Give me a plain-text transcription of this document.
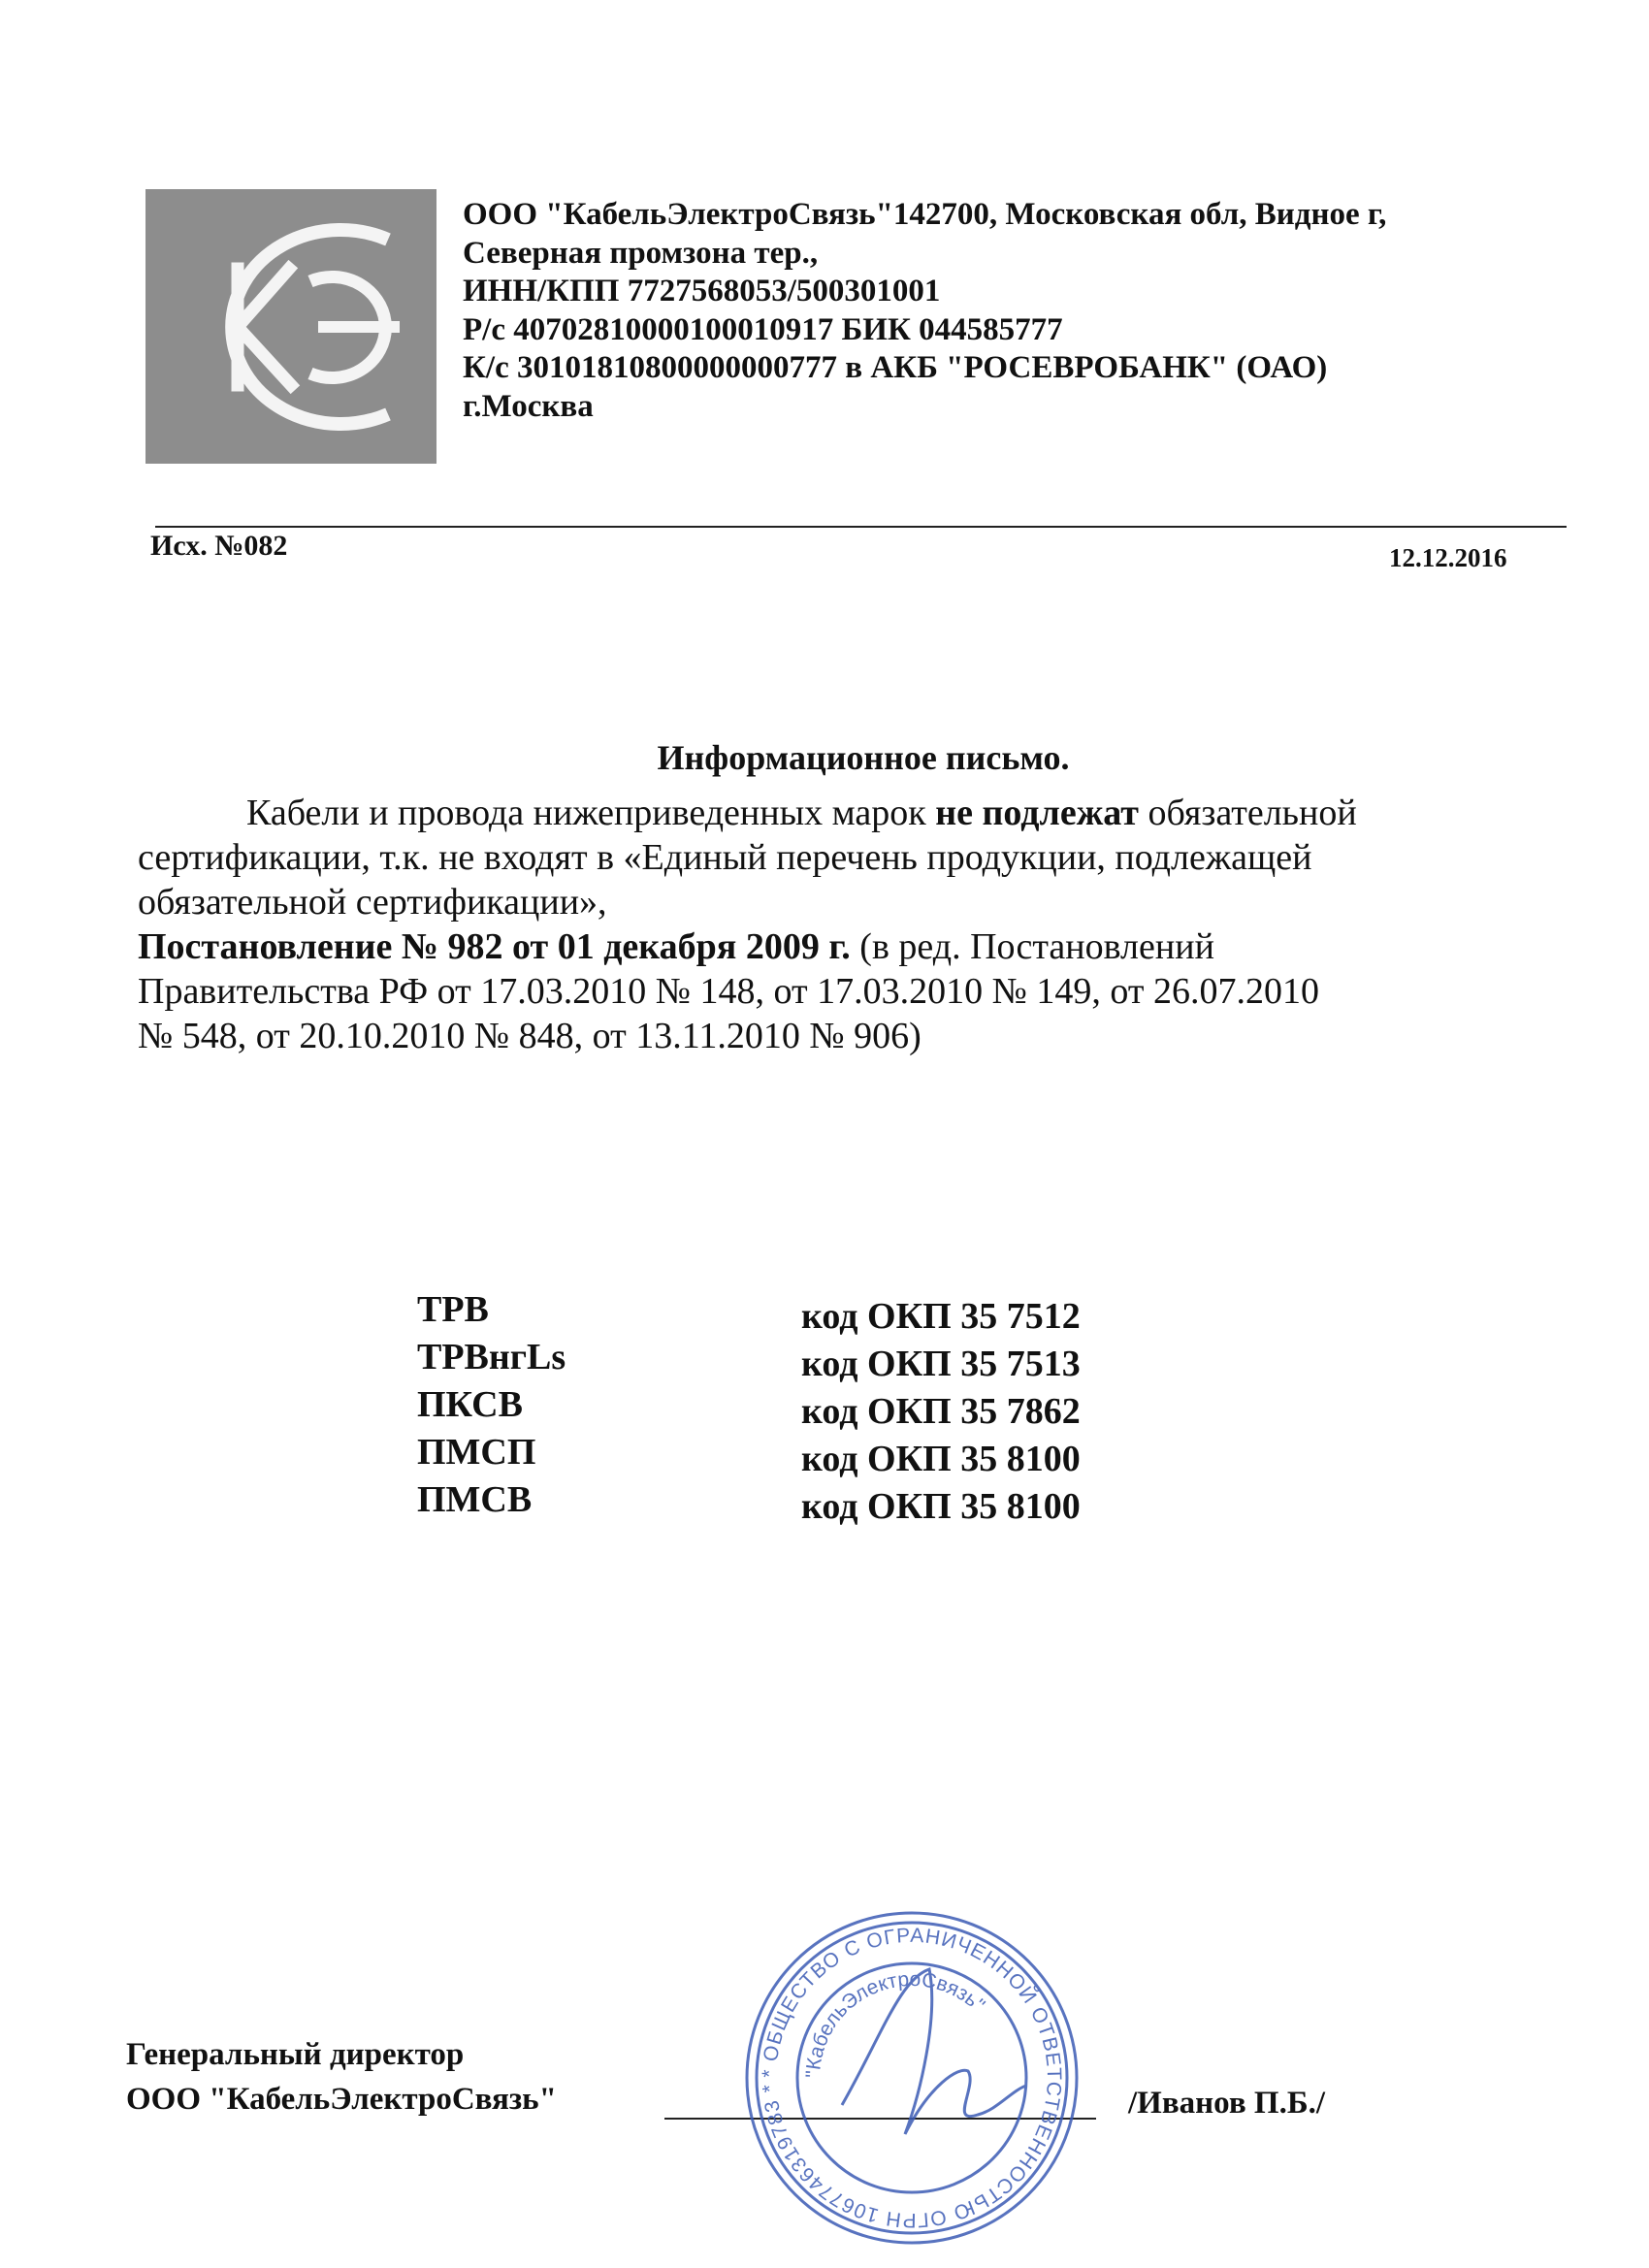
ООО "КабельЭлектроСвязь"142700, Московская обл, Видное г,
Северная промзона тер.,
ИНН/КПП 7727568053/500301001
Р/с 40702810000100010917 БИК 044585777
К/с 30101810800000000777 в АКБ "РОСЕВРОБАНК" (ОАО)
г.Москва
Исх. №082	12.12.2016
Информационное письмо.
Кабели и провода нижеприведенных марок не подлежат обязательной
сертификации, т.к. не входят в «Единый перечень продукции, подлежащей
обязательной сертификации»,
Постановление № 982 от 01 декабря 2009 г. (в ред. Постановлений
Правительства РФ от 17.03.2010 № 148, от 17.03.2010 № 149, от 26.07.2010
№ 548, от 20.10.2010 № 848, от 13.11.2010 № 906)
ТРВ	код ОКП 35 7512
ТРВнгLs	код ОКП 35 7513
ПКСВ	код ОКП 35 7862
ПМСП	код ОКП 35 8100
ПМСВ	код ОКП 35 8100
Генеральный директор
ООО "КабельЭлектроСвязь"	/Иванов П.Б./
* ОБЩЕСТВО С ОГРАНИЧЕННОЙ ОТВЕТСТВЕННОСТЬЮ ОГРН 1067746319783 *
"КабельЭлектроСвязь"
